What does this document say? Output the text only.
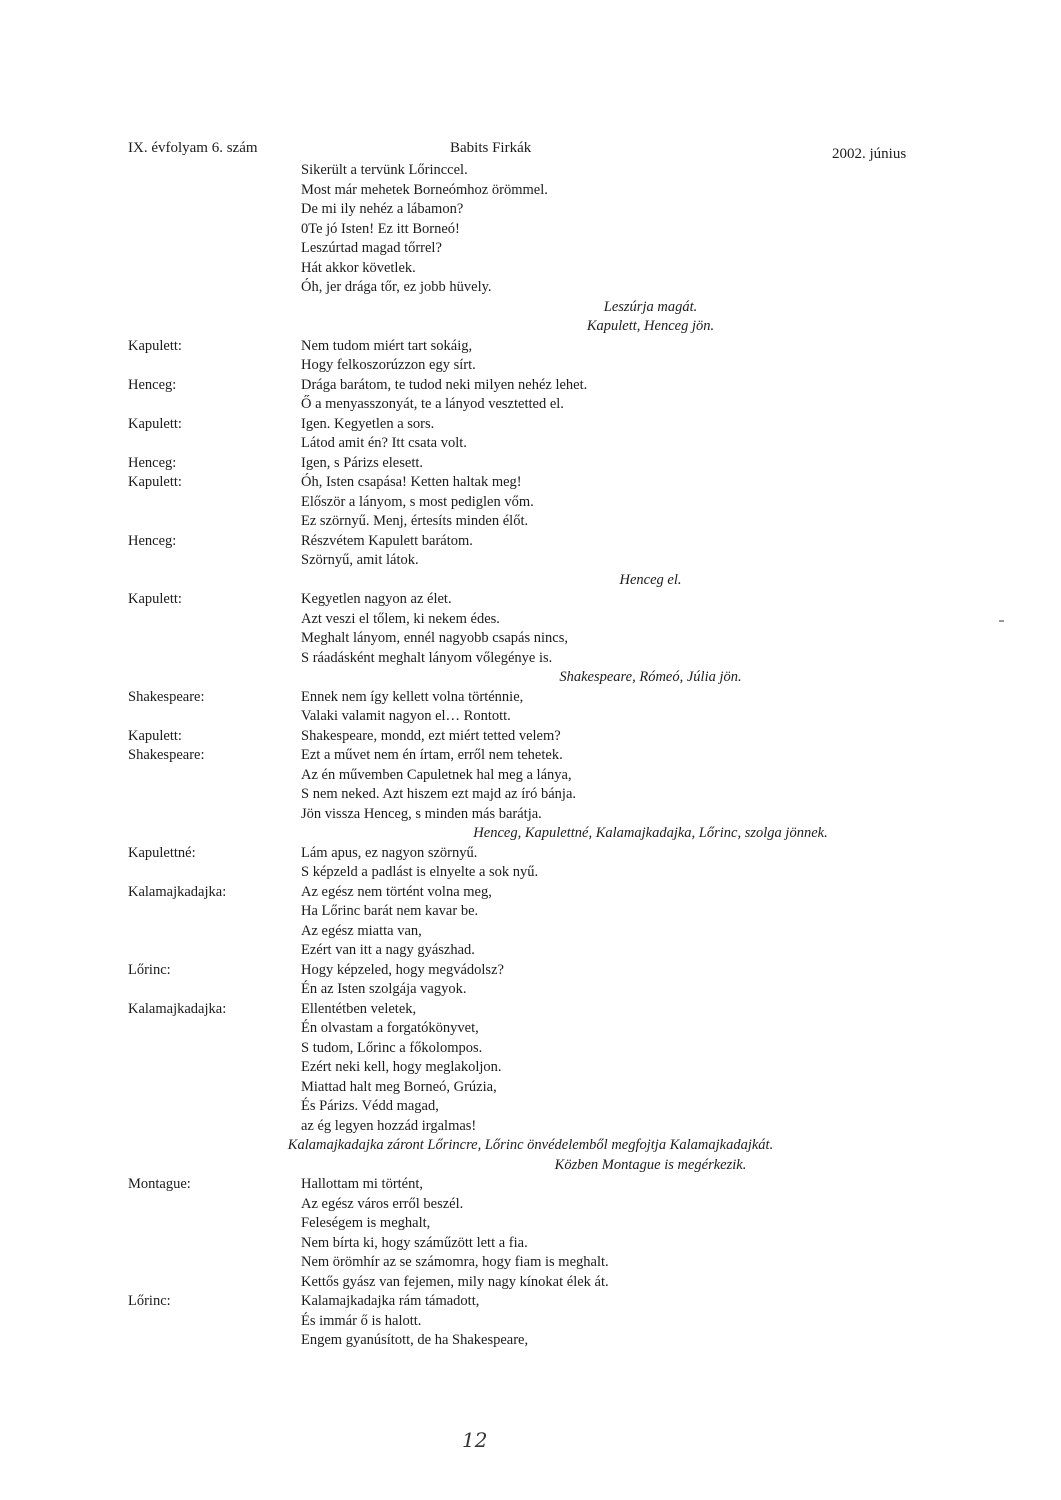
IX. évfolyam 6. szám	Babits Firkák	2002. június
Sikerült a tervünk Lőrinccel.
Most már mehetek Borneómhoz örömmel.
De mi ily nehéz a lábamon?
0Te jó Isten! Ez itt Borneó!
Leszúrtad magad tőrrel?
Hát akkor követlek.
Óh, jer drága tőr, ez jobb hüvely.
Leszúrja magát.
Kapulett, Henceg jön.
Kapulett:	Nem tudom miért tart sokáig,
Hogy felkoszorúzzon egy sírt.
Henceg:	Drága barátom, te tudod neki milyen nehéz lehet.
Ő a menyasszonyát, te a lányod vesztetted el.
Kapulett:	Igen. Kegyetlen a sors.
Látod amit én? Itt csata volt.
Henceg:	Igen, s Párizs elesett.
Kapulett:	Óh, Isten csapása! Ketten haltak meg!
Először a lányom, s most pediglen vőm.
Ez szörnyű. Menj, értesíts minden élőt.
Henceg:	Részvétem Kapulett barátom.
Szörnyű, amit látok.
Henceg el.
Kapulett:	Kegyetlen nagyon az élet.
Azt veszi el tőlem, ki nekem édes.
Meghalt lányom, ennél nagyobb csapás nincs,
S ráadásként meghalt lányom vőlegénye is.
Shakespeare, Rómeó, Júlia jön.
Shakespeare:	Ennek nem így kellett volna történnie,
Valaki valamit nagyon el… Rontott.
Kapulett:	Shakespeare, mondd, ezt miért tetted velem?
Shakespeare:	Ezt a művet nem én írtam, erről nem tehetek.
Az én művemben Capuletnek hal meg a lánya,
S nem neked. Azt hiszem ezt majd az író bánja.
Jön vissza Henceg, s minden más barátja.
Henceg, Kapulettné, Kalamajkadajka, Lőrinc, szolga jönnek.
Kapulettné:	Lám apus, ez nagyon szörnyű.
S képzeld a padlást is elnyelte a sok nyű.
Kalamajkadajka:	Az egész nem történt volna meg,
Ha Lőrinc barát nem kavar be.
Az egész miatta van,
Ezért van itt a nagy gyászhad.
Lőrinc:	Hogy képzeled, hogy megvádolsz?
Én az Isten szolgája vagyok.
Kalamajkadajka:	Ellentétben veletek,
Én olvastam a forgatókönyvet,
S tudom, Lőrinc a főkolompos.
Ezért neki kell, hogy meglakoljon.
Miattad halt meg Borneó, Grúzia,
És Párizs. Védd magad,
az ég legyen hozzád irgalmas!
Kalamajkadajka záront Lőrincre, Lőrinc önvédelemből megfojtja Kalamajkadajkát.
Közben Montague is megérkezik.
Montague:	Hallottam mi történt,
Az egész város erről beszél.
Feleségem is meghalt,
Nem bírta ki, hogy száműzött lett a fia.
Nem örömhír az se számomra, hogy fiam is meghalt.
Kettős gyász van fejemen, mily nagy kínokat élek át.
Lőrinc:	Kalamajkadajka rám támadott,
És immár ő is halott.
Engem gyanúsított, de ha Shakespeare,
12
